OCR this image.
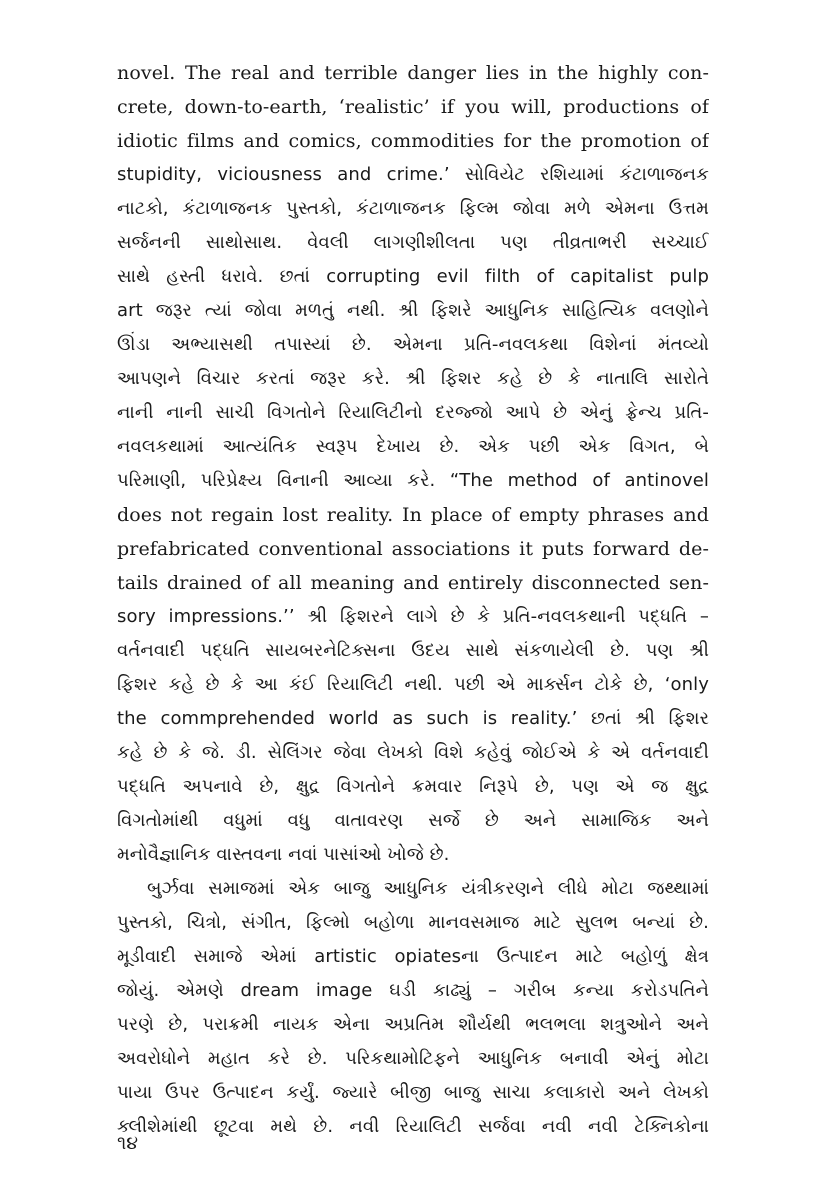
novel. The real and terrible danger lies in the highly con-
crete, down-to-earth, ‘realistic’ if you will, productions of
idiotic films and comics, commodities for the promotion of
stupidity, viciousness and crime.’ સોવિયેટ રશિયામાં કંટાળાજનક
નાટકો, કંટાળાજનક પુસ્તકો, કંટાળાજનક ફિલ્મ જોવા મળે એમના ઉત્તમ
સર્જનની સાથોસાથ. વેવલી લાગણીશીલતા પણ તીવ્રતાભરી સચ્ચાઈ
સાથે હસ્તી ધરાવે. છતાં corrupting evil filth of capitalist pulp
art જરૂર ત્યાં જોવા મળતું નથી. શ્રી ફિશરે આધુનિક સાહિત્યિક વલણોને
ઊંડા અભ્યાસથી તપાસ્યાં છે. એમના પ્રતિ-નવલકથા વિશેનાં મંતવ્યો
આપણને વિચાર કરતાં જરૂર કરે. શ્રી ફિશર કહે છે કે નાતાલિ સારોતે
નાની નાની સાચી વિગતોને રિયાલિટીનો દરજ્જો આપે છે એનું ફ્રેન્ચ પ્રતિ-
નવલકથામાં આત્યંતિક સ્વરૂપ દેખાય છે. એક પછી એક વિગત, બે
પરિમાણી, પરિપ્રેક્ષ્ય વિનાની આવ્યા કરે. “The method of antinovel
does not regain lost reality. In place of empty phrases and
prefabricated conventional associations it puts forward de-
tails drained of all meaning and entirely disconnected sen-
sory impressions.’’ શ્રી ફિશરને લાગે છે કે પ્રતિ-નવલકથાની પદ્ધતિ –
વર્તનવાદી પદ્ધતિ સાયબરનેટિક્સના ઉદય સાથે સંકળાયેલી છે. પણ શ્રી
ફિશર કહે છે કે આ કંઈ રિયાલિટી નથી. પછી એ માર્ક્સન ટોકે છે, ‘only
the commprehended world as such is reality.’ છતાં શ્રી ફિશર
કહે છે કે જે. ડી. સેલિંગર જેવા લેખકો વિશે કહેવું જોઈએ કે એ વર્તનવાદી
પદ્ધતિ અપનાવે છે, ક્ષુદ્ર વિગતોને ક્રમવાર નિરૂપે છે, પણ એ જ ક્ષુદ્ર
વિગતોમાંથી વધુમાં વધુ વાતાવરણ સર્જે છે અને સામાજિક અને
મનોવૈજ્ઞાનિક વાસ્તવના નવાં પાસાંઓ ખોજે છે.
બુર્ઝવા સમાજમાં એક બાજુ આધુનિક યંત્રીકરણને લીધે મોટા જથ્થામાં
પુસ્તકો, ચિત્રો, સંગીત, ફિલ્મો બહોળા માનવસમાજ માટે સુલભ બન્યાં છે.
મૂડીવાદી સમાજે એમાં artistic opiatesના ઉત્પાદન માટે બહોળું ક્ષેત્ર
જોયું. એમણે dream image ઘડી કાઢ્યું – ગરીબ કન્યા કરોડપતિને
પરણે છે, પરાક્રમી નાયક એના અપ્રતિમ શૌર્યથી ભલભલા શત્રુઓને અને
અવરોધોને મહાત કરે છે. પરિકથામોટિફને આધુનિક બનાવી એનું મોટા
પાયા ઉપર ઉત્પાદન કર્યું. જ્યારે બીજી બાજુ સાચા કલાકારો અને લેખકો
ક્લીશેમાંથી છૂટવા મથે છે. નવી રિયાલિટી સર્જવા નવી નવી ટેક્નિકોના
૧૪
